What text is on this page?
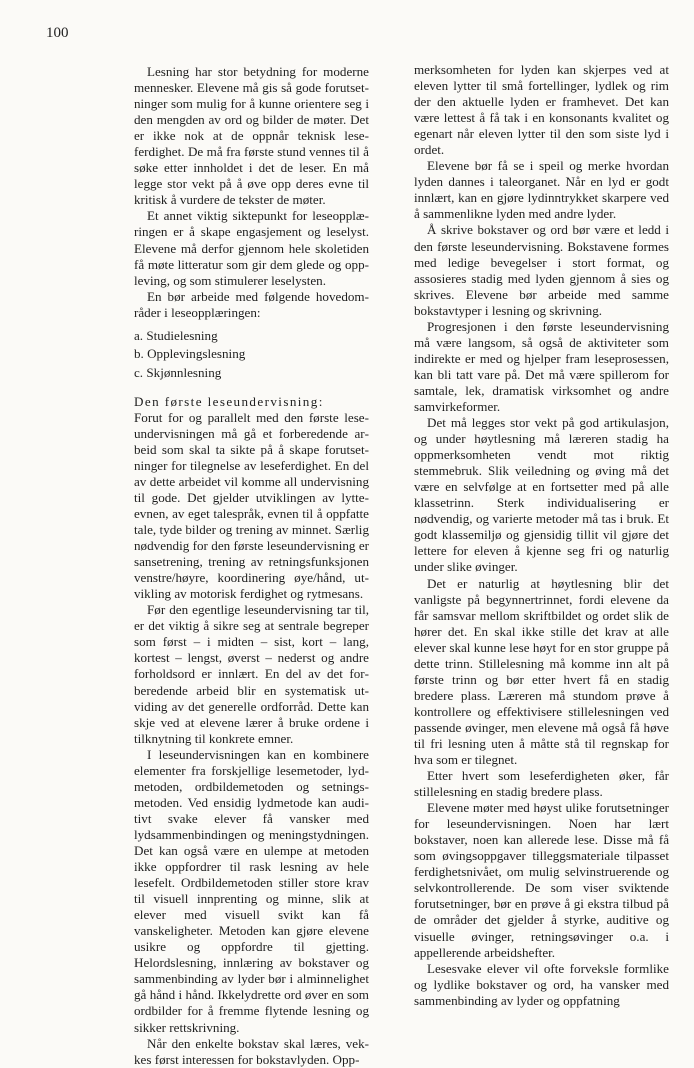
100

Lesning har stor betydning for moderne mennesker. Elevene må gis så gode forutsetninger som mulig for å kunne orientere seg i den mengden av ord og bilder de møter. Det er ikke nok at de oppnår teknisk leseferdighet. De må fra første stund vennes til å søke etter innholdet i det de leser. En må legge stor vekt på å øve opp deres evne til kritisk å vurdere de tekster de møter.

Et annet viktig siktepunkt for leseopplæringen er å skape engasjement og leselyst. Elevene må derfor gjennom hele skoletiden få møte litteratur som gir dem glede og oppleving, og som stimulerer leselysten.

En bør arbeide med følgende hovedområder i leseopplæringen:

a. Studielesning
b. Opplevingslesning
c. Skjønnlesning

Den første leseundervisning:

Forut for og parallelt med den første leseundervisningen må gå et forberedende arbeid som skal ta sikte på å skape forutsetninger for tilegnelse av leseferdighet. En del av dette arbeidet vil komme all undervisning til gode. Det gjelder utviklingen av lytteevnen, av eget talespråk, evnen til å oppfatte tale, tyde bilder og trening av minnet. Særlig nødvendig for den første leseundervisning er sansetrening, trening av retningsfunksjonen venstre/høyre, koordinering øye/hånd, utvikling av motorisk ferdighet og rytmesans.

Før den egentlige leseundervisning tar til, er det viktig å sikre seg at sentrale begreper som først – i midten – sist, kort – lang, kortest – lengst, øverst – nederst og andre forholdsord er innlært. En del av det forberedende arbeid blir en systematisk utviding av det generelle ordforråd. Dette kan skje ved at elevene lærer å bruke ordene i tilknytning til konkrete emner.

I leseundervisningen kan en kombinere elementer fra forskjellige lesemetoder, lydmetoden, ordbildemetoden og setningsmetoden. Ved ensidig lydmetode kan auditivt svake elever få vansker med lydsammenbindingen og meningstydningen. Det kan også være en ulempe at metoden ikke oppfordrer til rask lesning av hele lesefelt. Ordbildemetoden stiller store krav til visuell innprenting og minne, slik at elever med visuell svikt kan få vanskeligheter. Metoden kan gjøre elevene usikre og oppfordre til gjetting. Helordslesning, innlæring av bokstaver og sammenbinding av lyder bør i alminnelighet gå hånd i hånd. Ikkelydrette ord øver en som ordbilder for å fremme flytende lesning og sikker rettskrivning.

Når den enkelte bokstav skal læres, vekkes først interessen for bokstavlyden. Opp-

merksomheten for lyden kan skjerpes ved at eleven lytter til små fortellinger, lydlek og rim der den aktuelle lyden er framhevet. Det kan være lettest å få tak i en konsonants kvalitet og egenart når eleven lytter til den som siste lyd i ordet.

Elevene bør få se i speil og merke hvordan lyden dannes i taleorganet. Når en lyd er godt innlært, kan en gjøre lydinntrykket skarpere ved å sammenlikne lyden med andre lyder.

Å skrive bokstaver og ord bør være et ledd i den første leseundervisning. Bokstavene formes med ledige bevegelser i stort format, og assosieres stadig med lyden gjennom å sies og skrives. Elevene bør arbeide med samme bokstavtyper i lesning og skrivning.

Progresjonen i den første leseundervisning må være langsom, så også de aktiviteter som indirekte er med og hjelper fram leseprosessen, kan bli tatt vare på. Det må være spillerom for samtale, lek, dramatisk virksomhet og andre samvirkeformer.

Det må legges stor vekt på god artikulasjon, og under høytlesning må læreren stadig ha oppmerksomheten vendt mot riktig stemmebruk. Slik veiledning og øving må det være en selvfølge at en fortsetter med på alle klassetrinn. Sterk individualisering er nødvendig, og varierte metoder må tas i bruk. Et godt klassemiljø og gjensidig tillit vil gjøre det lettere for eleven å kjenne seg fri og naturlig under slike øvinger.

Det er naturlig at høytlesning blir det vanligste på begynnertrinnet, fordi elevene da får samsvar mellom skriftbildet og ordet slik de hører det. En skal ikke stille det krav at alle elever skal kunne lese høyt for en stor gruppe på dette trinn. Stillelesning må komme inn alt på første trinn og bør etter hvert få en stadig bredere plass. Læreren må stundom prøve å kontrollere og effektivisere stillelesningen ved passende øvinger, men elevene må også få høve til fri lesning uten å måtte stå til regnskap for hva som er tilegnet.

Etter hvert som leseferdigheten øker, får stillelesning en stadig bredere plass.

Elevene møter med høyst ulike forutsetninger for leseundervisningen. Noen har lært bokstaver, noen kan allerede lese. Disse må få som øvingsoppgaver tilleggsmateriale tilpasset ferdighetsnivået, om mulig selvinstruerende og selvkontrollerende. De som viser sviktende forutsetninger, bør en prøve å gi ekstra tilbud på de områder det gjelder å styrke, auditive og visuelle øvinger, retningsøvinger o.a. i appellerende arbeidshefter.

Lesesvake elever vil ofte forveksle formlike og lydlike bokstaver og ord, ha vansker med sammenbinding av lyder og oppfatning
